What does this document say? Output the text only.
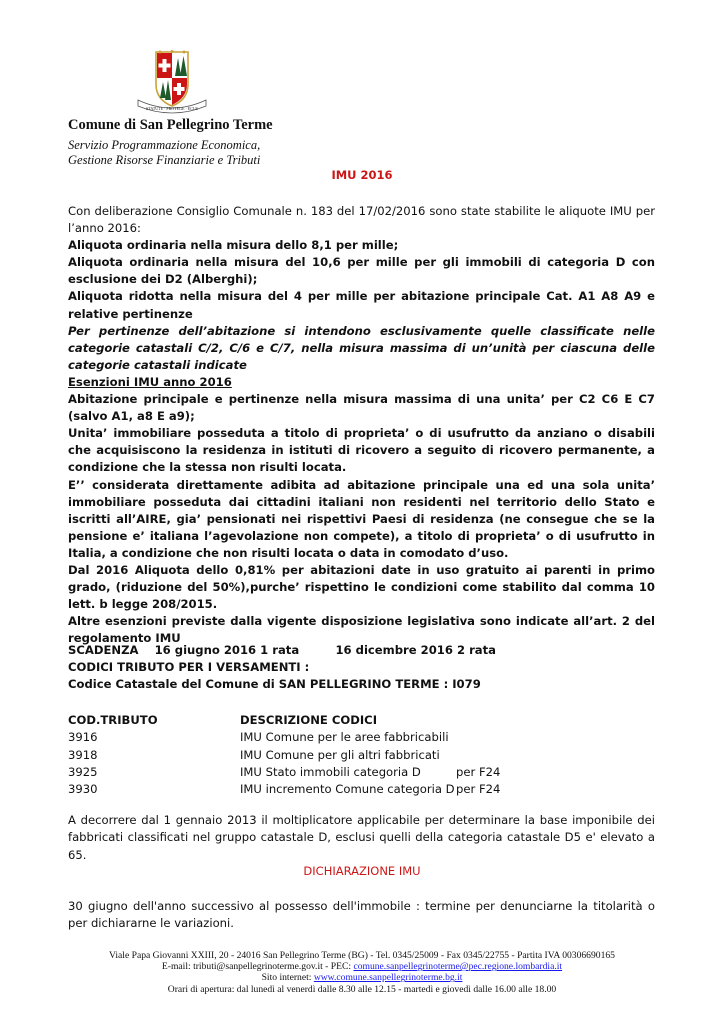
STATUTE · PROTEGE · ECUS
Comune di San Pellegrino Terme
Servizio Programmazione Economica,
Gestione Risorse Finanziarie e Tributi
IMU 2016

Con deliberazione Consiglio Comunale n. 183 del 17/02/2016 sono state stabilite le aliquote IMU per l’anno 2016:

Aliquota ordinaria nella misura dello 8,1 per mille;

Aliquota ordinaria nella misura del 10,6 per mille per gli immobili di categoria D con esclusione dei D2 (Alberghi);

Aliquota ridotta nella misura del 4 per mille per abitazione principale Cat. A1 A8 A9 e relative pertinenze

Per pertinenze dell’abitazione si intendono esclusivamente quelle classificate nelle categorie catastali C/2, C/6 e C/7, nella misura massima di un’unità per ciascuna delle categorie catastali indicate

Esenzioni IMU anno 2016

Abitazione principale e pertinenze nella misura massima di una unita’ per C2 C6 E C7 (salvo A1, a8 E a9);

Unita’ immobiliare posseduta a titolo di proprieta’ o di usufrutto da anziano o disabili che acquisiscono la residenza in istituti di ricovero a seguito di ricovero permanente, a condizione che la stessa non risulti locata.

E’’ considerata direttamente adibita ad abitazione principale una ed una sola unita’ immobiliare posseduta dai cittadini italiani non residenti nel territorio dello Stato e iscritti all’AIRE, gia’ pensionati nei rispettivi Paesi di residenza (ne consegue che se la pensione e’ italiana l’agevolazione non compete), a titolo di proprieta’ o di usufrutto in Italia, a condizione che non risulti locata o data in comodato d’uso.

Dal 2016 Aliquota dello 0,81% per abitazioni date in uso gratuito ai parenti in primo grado, (riduzione del 50%),purche’ rispettino le condizioni come stabilito dal comma 10 lett. b legge 208/2015.

Altre esenzioni previste dalla vigente disposizione legislativa sono indicate all’art. 2 del regolamento IMU

SCADENZA    16 giugno 2016 1 rata         16 dicembre 2016 2 rata
CODICI TRIBUTO PER I VERSAMENTI :
Codice Catastale del Comune di SAN PELLEGRINO TERME : I079
COD.TRIBUTO	DESCRIZIONE CODICI
3916	IMU Comune per le aree fabbricabili
3918	IMU Comune per gli altri fabbricati
3925	IMU Stato immobili categoria D	per F24
3930	IMU incremento Comune categoria D per F24
A decorrere dal 1 gennaio 2013 il moltiplicatore applicabile per determinare la base imponibile dei fabbricati classificati nel gruppo catastale D, esclusi quelli della categoria catastale D5 e' elevato a 65.
DICHIARAZIONE IMU
30 giugno dell'anno successivo al possesso dell'immobile : termine per denunciarne la titolarità o per dichiararne le variazioni.
Viale Papa Giovanni XXIII, 20 - 24016 San Pellegrino Terme (BG) - Tel. 0345/25009 - Fax 0345/22755 - Partita IVA 00306690165
E-mail: tributi@sanpellegrinoterme.gov.it - PEC: comune.sanpellegrinoterme@pec.regione.lombardia.it
Sito internet: www.comune.sanpellegrinoterme.bg.it
Orari di apertura: dal lunedì al venerdì dalle 8.30 alle 12.15 - martedì e giovedì dalle 16.00 alle 18.00
